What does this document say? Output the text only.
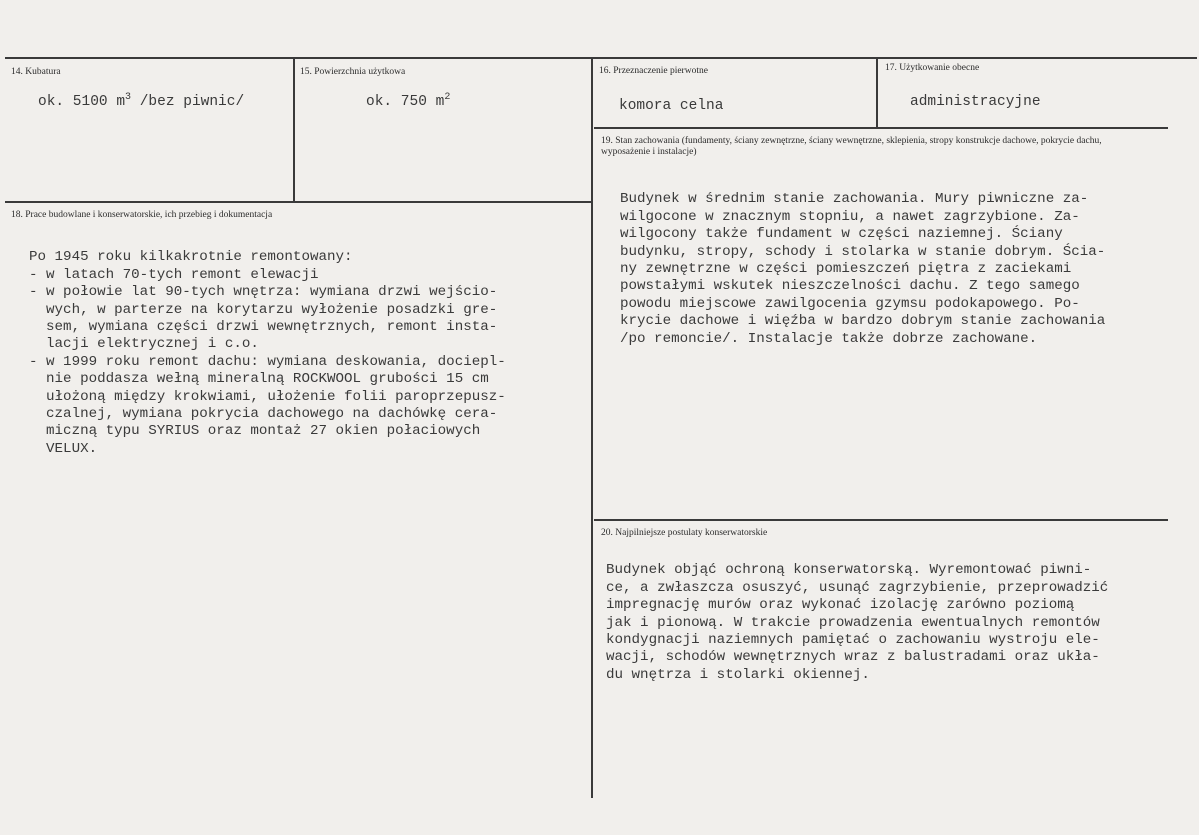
14. Kubatura
ok. 5100 $m^3$ /bez piwnic/
15. Powierzchnia użytkowa
ok. 750 $m^2$
16. Przeznaczenie pierwotne
komora celna
17. Użytkowanie obecne
administracyjne
18. Prace budowlane i konserwatorskie, ich przebieg i dokumentacja

Po 1945 roku kilkakrotnie remontowany:
- w latach 70-tych remont elewacji
- w połowie lat 90-tych wnętrza: wymiana drzwi wejścio-
wych, w parterze na korytarzu wyłożenie posadzki gre-
sem, wymiana części drzwi wewnętrznych, remont insta-
lacji elektrycznej i c.o.
- w 1999 roku remont dachu: wymiana deskowania, dociepl-
nie poddasza wełną mineralną ROCKWOOL grubości 15 cm
ułożoną między krokwiami, ułożenie folii paroprzepusz-
czalnej, wymiana pokrycia dachowego na dachówkę cera-
miczną typu SYRIUS oraz montaż 27 okien połaciowych
VELUX.

19. Stan zachowania (fundamenty, ściany zewnętrzne, ściany wewnętrzne, sklepienia, stropy konstrukcje dachowe, pokrycie dachu, wyposażenie i instalacje)

Budynek w średnim stanie zachowania. Mury piwniczne za-
wilgocone w znacznym stopniu, a nawet zagrzybione. Za-
wilgocony także fundament w części naziemnej. Ściany
budynku, stropy, schody i stolarka w stanie dobrym. Ścia-
ny zewnętrzne w części pomieszczeń piętra z zaciekami
powstałymi wskutek nieszczelności dachu. Z tego samego
powodu miejscowe zawilgocenia gzymsu podokapowego. Po-
krycie dachowe i więźba w bardzo dobrym stanie zachowania
/po remoncie/. Instalacje także dobrze zachowane.

20. Najpilniejsze postulaty konserwatorskie

Budynek objąć ochroną konserwatorską. Wyremontować piwni-
ce, a zwłaszcza osuszyć, usunąć zagrzybienie, przeprowadzić
impregnację murów oraz wykonać izolację zarówno poziomą
jak i pionową. W trakcie prowadzenia ewentualnych remontów
kondygnacji naziemnych pamiętać o zachowaniu wystroju ele-
wacji, schodów wewnętrznych wraz z balustradami oraz ukła-
du wnętrza i stolarki okiennej.
